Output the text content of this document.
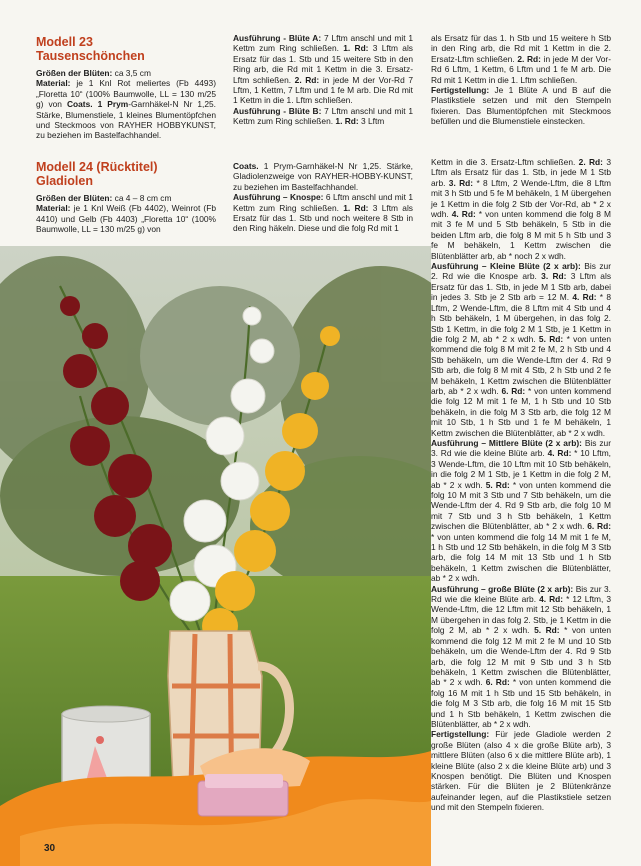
Modell 23
Tausenschönchen

Größen der Blüten: ca 3,5 cm

Material: je 1 Knl Rot meliertes (Fb 4493) „Floretta 10“ (100% Baumwolle, LL = 130 m/25 g) von Coats. 1 Prym-Garnhäkel-N Nr 1,25. Stärke, Blumenstiele, 1 kleines Blumentöpfchen und Steckmoos von RAYHER HOBBYKUNST, zu beziehen im Bastelfachhandel.

Modell 24 (Rücktitel)
Gladiolen

Größen der Blüten: ca 4 – 8 cm cm

Material: je 1 Knl Weiß (Fb 4402), Weinrot (Fb 4410) und Gelb (Fb 4403) „Floretta 10“ (100% Baumwolle, LL = 130 m/25 g) von

Ausführung - Blüte A: 7 Lftm anschl und mit 1 Kettm zum Ring schließen. 1. Rd: 3 Lftm als Ersatz für das 1. Stb und 15 weitere Stb in den Ring arb, die Rd mit 1 Kettm in die 3. Ersatz-Lftm schließen. 2. Rd: in jede M der Vor-Rd 7 Lftm, 1 Kettm, 7 Lftm und 1 fe M arb. Die Rd mit 1 Kettm in die 1. Lftm schließen.

Ausführung - Blüte B: 7 Lftm anschl und mit 1 Kettm zum Ring schließen. 1. Rd: 3 Lftm

als Ersatz für das 1. h Stb und 15 weitere h Stb in den Ring arb, die Rd mit 1 Kettm in die 2. Ersatz-Lftm schließen. 2. Rd: in jede M der Vor-Rd 6 Lftm, 1 Kettm, 6 Lftm und 1 fe M arb. Die Rd mit 1 Kettm in die 1. Lftm schließen.

Fertigstellung: Je 1 Blüte A und B auf die Plastikstiele setzen und mit den Stempeln fixieren. Das Blumentöpfchen mit Steckmoos befüllen und die Blumenstiele einstecken.

Coats. 1 Prym-Garnhäkel-N Nr 1,25. Stärke, Gladiolenzweige von RAYHER-HOBBY-KUNST, zu beziehen im Bastelfachhandel.

Ausführung – Knospe: 6 Lftm anschl und mit 1 Kettm zum Ring schließen. 1. Rd: 3 Lftm als Ersatz für das 1. Stb und noch weitere 8 Stb in den Ring häkeln. Diese und die folg Rd mit 1

Kettm in die 3. Ersatz-Lftm schließen. 2. Rd: 3 Lftm als Ersatz für das 1. Stb, in jede M 1 Stb arb. 3. Rd: * 8 Lftm, 2 Wende-Lftm, die 8 Lftm mit 3 h Stb und 5 fe M behäkeln, 1 M übergehen je 1 Kettm in die folg 2 Stb der Vor-Rd, ab * 2 x wdh. 4. Rd: * von unten kommend die folg 8 M mit 3 fe M und 5 Stb behäkeln, 5 Stb in die beiden Lftm arb, die folg 8 M mit 5 h Stb und 3 fe M behäkeln, 1 Kettm zwischen die Blütenblätter arb, ab * noch 2 x wdh.

Ausführung – Kleine Blüte (2 x arb): Bis zur 2. Rd wie die Knospe arb. 3. Rd: 3 Lftm als Ersatz für das 1. Stb, in jede M 1 Stb arb, dabei in jedes 3. Stb je 2 Stb arb = 12 M. 4. Rd: * 8 Lftm, 2 Wende-Lftm, die 8 Lftm mit 4 Stb und 4 h Stb behäkeln, 1 M übergehen, in das folg 2. Stb 1 Kettm, in die folg 2 M 1 Stb, je 1 Kettm in die folg 2 M, ab * 2 x wdh. 5. Rd: * von unten kommend die folg 8 M mit 2 fe M, 2 h Stb und 4 Stb behäkeln, um die Wende-Lftm der 4. Rd 9 Stb arb, die folg 8 M mit 4 Stb, 2 h Stb und 2 fe M behäkeln, 1 Kettm zwischen die Blütenblätter arb, ab * 2 x wdh. 6. Rd: * von unten kommend die folg 12 M mit 1 fe M, 1 h Stb und 10 Stb behäkeln, in die folg M 3 Stb arb, die folg 12 M mit 10 Stb, 1 h Stb und 1 fe M behäkeln, 1 Kettm zwischen die Blütenblätter, ab * 2 x wdh.

Ausführung – Mittlere Blüte (2 x arb): Bis zur 3. Rd wie die kleine Blüte arb. 4. Rd: * 10 Lftm, 3 Wende-Lftm, die 10 Lftm mit 10 Stb behäkeln, in die folg 2 M 1 Stb, je 1 Kettm in die folg 2 M, ab * 2 x wdh. 5. Rd: * von unten kommend die folg 10 M mit 3 Stb und 7 Stb behäkeln, um die Wende-Lftm der 4. Rd 9 Stb arb, die folg 10 M mit 7 Stb und 3 h Stb behäkeln, 1 Kettm zwischen die Blütenblätter, ab * 2 x wdh. 6. Rd: * von unten kommend die folg 14 M mit 1 fe M, 1 h Stb und 12 Stb behäkeln, in die folg M 3 Stb arb, die folg 14 M mit 13 Stb und 1 h Stb behäkeln, 1 Kettm zwischen die Blütenblätter, ab * 2 x wdh.

Ausführung – große Blüte (2 x arb): Bis zur 3. Rd wie die kleine Blüte arb. 4. Rd: * 12 Lftm, 3 Wende-Lftm, die 12 Lftm mit 12 Stb behäkeln, 1 M übergehen in das folg 2. Stb, je 1 Kettm in die folg 2 M, ab * 2 x wdh. 5. Rd: * von unten kommend die folg 12 M mit 2 fe M und 10 Stb behäkeln, um die Wende-Lftm der 4. Rd 9 Stb arb, die folg 12 M mit 9 Stb und 3 h Stb behäkeln, 1 Kettm zwischen die Blütenblätter, ab * 2 x wdh. 6. Rd: * von unten kommend die folg 16 M mit 1 h Stb und 15 Stb behäkeln, in die folg M 3 Stb arb, die folg 16 M mit 15 Stb und 1 h Stb behäkeln, 1 Kettm zwischen die Blütenblätter, ab * 2 x wdh.

Fertigstellung: Für jede Gladiole werden 2 große Blüten (also 4 x die große Blüte arb), 3 mittlere Blüten (also 6 x die mittlere Blüte arb), 1 kleine Blüte (also 2 x die kleine Blüte arb) und 3 Knospen benötigt. Die Blüten und Knospen stärken. Für die Blüten je 2 Blütenkränze aufeinander legen, auf die Plastikstiele setzen und mit den Stempeln fixieren.

30
